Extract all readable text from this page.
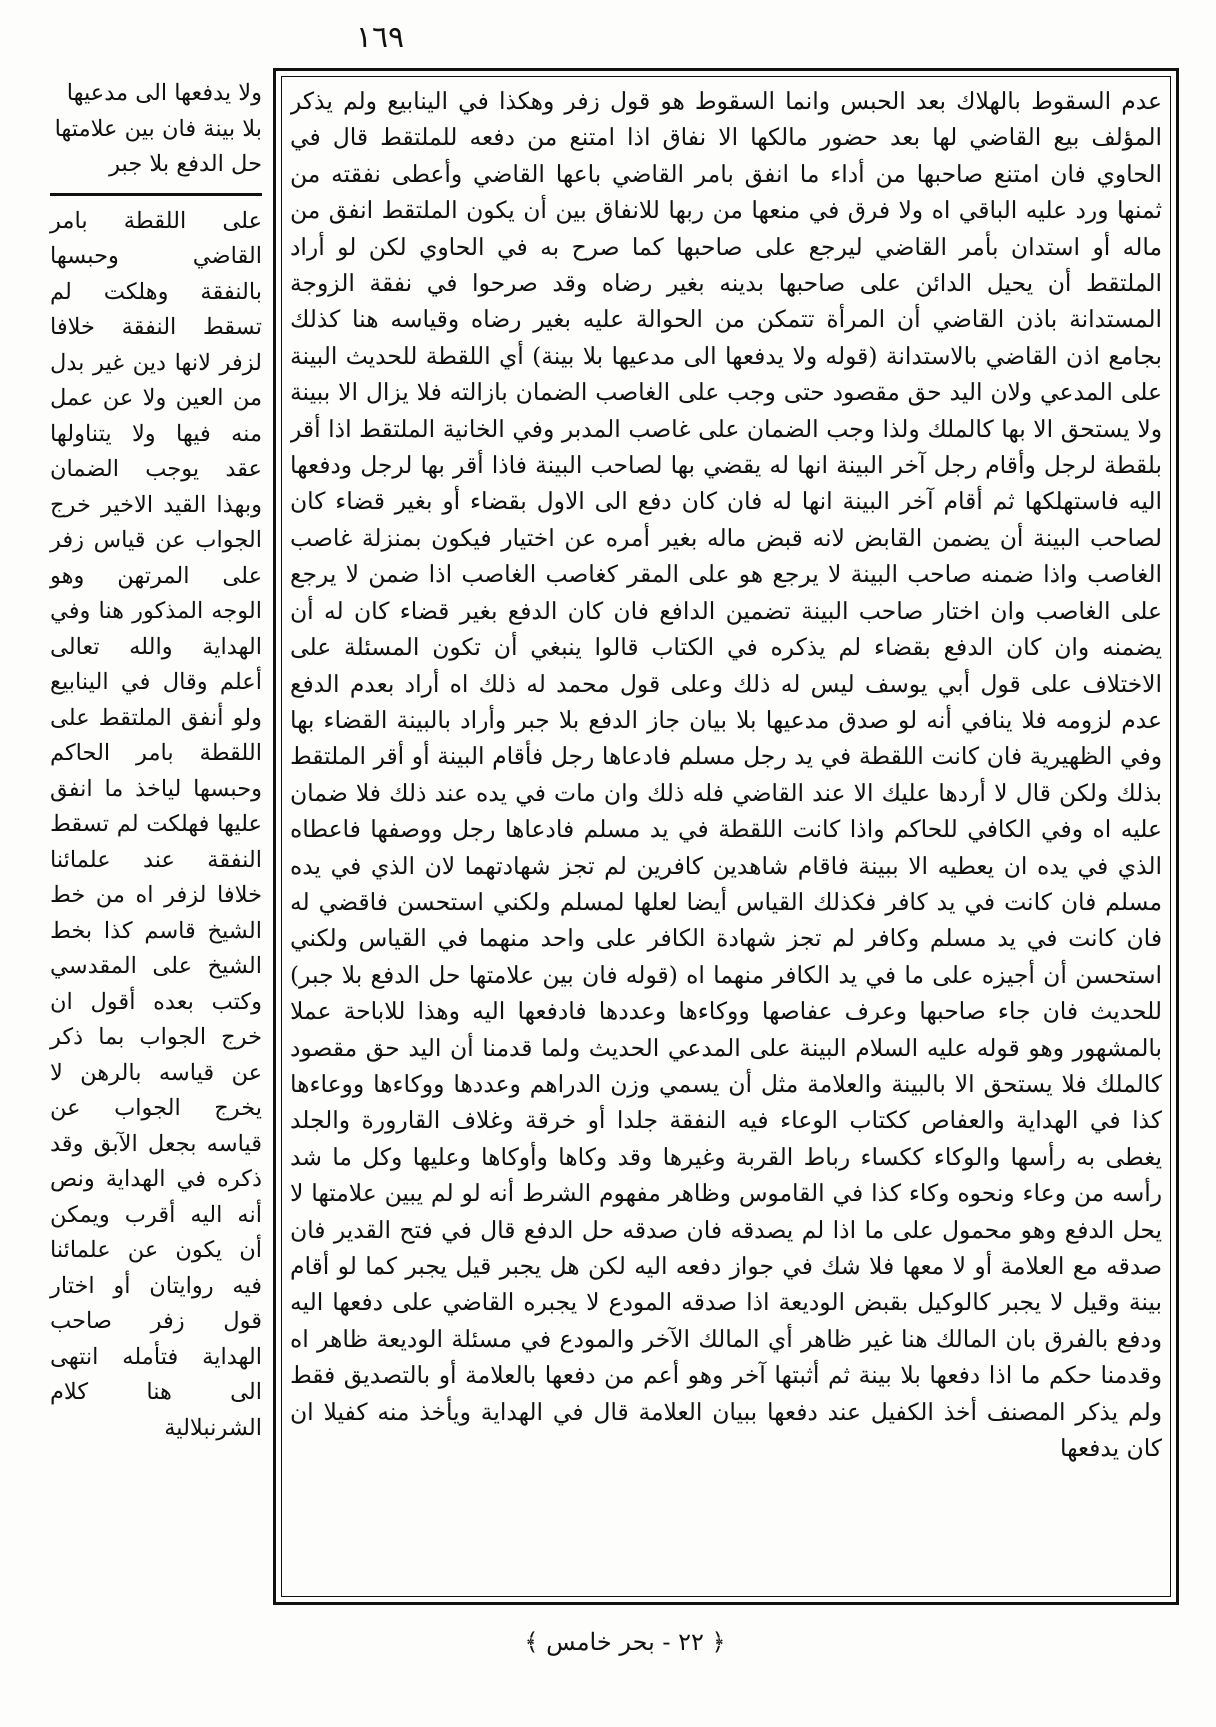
١٦٩

عدم السقوط بالهلاك بعد الحبس وانما السقوط هو قول زفر وهكذا في الينابيع ولم يذكر المؤلف بيع القاضي لها بعد حضور مالكها الا نفاق اذا امتنع من دفعه للملتقط قال في الحاوي فان امتنع صاحبها من أداء ما انفق بامر القاضي باعها القاضي وأعطى نفقته من ثمنها ورد عليه الباقي اه ولا فرق في منعها من ربها للانفاق بين أن يكون الملتقط انفق من ماله أو استدان بأمر القاضي ليرجع على صاحبها كما صرح به في الحاوي لكن لو أراد الملتقط أن يحيل الدائن على صاحبها بدينه بغير رضاه وقد صرحوا في نفقة الزوجة المستدانة باذن القاضي أن المرأة تتمكن من الحوالة عليه بغير رضاه وقياسه هنا كذلك بجامع اذن القاضي بالاستدانة (قوله ولا يدفعها الى مدعيها بلا بينة) أي اللقطة للحديث البينة على المدعي ولان اليد حق مقصود حتى وجب على الغاصب الضمان بازالته فلا يزال الا ببينة ولا يستحق الا بها كالملك ولذا وجب الضمان على غاصب المدبر وفي الخانية الملتقط اذا أقر بلقطة لرجل وأقام رجل آخر البينة انها له يقضي بها لصاحب البينة فاذا أقر بها لرجل ودفعها اليه فاستهلكها ثم أقام آخر البينة انها له فان كان دفع الى الاول بقضاء أو بغير قضاء كان لصاحب البينة أن يضمن القابض لانه قبض ماله بغير أمره عن اختيار فيكون بمنزلة غاصب الغاصب واذا ضمنه صاحب البينة لا يرجع هو على المقر كغاصب الغاصب اذا ضمن لا يرجع على الغاصب وان اختار صاحب البينة تضمين الدافع فان كان الدفع بغير قضاء كان له أن يضمنه وان كان الدفع بقضاء لم يذكره في الكتاب قالوا ينبغي أن تكون المسئلة على الاختلاف على قول أبي يوسف ليس له ذلك وعلى قول محمد له ذلك اه أراد بعدم الدفع عدم لزومه فلا ينافي أنه لو صدق مدعيها بلا بيان جاز الدفع بلا جبر وأراد بالبينة القضاء بها وفي الظهيرية فان كانت اللقطة في يد رجل مسلم فادعاها رجل فأقام البينة أو أقر الملتقط بذلك ولكن قال لا أردها عليك الا عند القاضي فله ذلك وان مات في يده عند ذلك فلا ضمان عليه اه وفي الكافي للحاكم واذا كانت اللقطة في يد مسلم فادعاها رجل ووصفها فاعطاه الذي في يده ان يعطيه الا ببينة فاقام شاهدين كافرين لم تجز شهادتهما لان الذي في يده مسلم فان كانت في يد كافر فكذلك القياس أيضا لعلها لمسلم ولكني استحسن فاقضي له فان كانت في يد مسلم وكافر لم تجز شهادة الكافر على واحد منهما في القياس ولكني استحسن أن أجيزه على ما في يد الكافر منهما اه (قوله فان بين علامتها حل الدفع بلا جبر) للحديث فان جاء صاحبها وعرف عفاصها ووكاءها وعددها فادفعها اليه وهذا للاباحة عملا بالمشهور وهو قوله عليه السلام البينة على المدعي الحديث ولما قدمنا أن اليد حق مقصود كالملك فلا يستحق الا بالبينة والعلامة مثل أن يسمي وزن الدراهم وعددها ووكاءها ووعاءها كذا في الهداية والعفاص ككتاب الوعاء فيه النفقة جلدا أو خرقة وغلاف القارورة والجلد يغطى به رأسها والوكاء ككساء رباط القربة وغيرها وقد وكاها وأوكاها وعليها وكل ما شد رأسه من وعاء ونحوه وكاء كذا في القاموس وظاهر مفهوم الشرط أنه لو لم يبين علامتها لا يحل الدفع وهو محمول على ما اذا لم يصدقه فان صدقه حل الدفع قال في فتح القدير فان صدقه مع العلامة أو لا معها فلا شك في جواز دفعه اليه لكن هل يجبر قيل يجبر كما لو أقام بينة وقيل لا يجبر كالوكيل بقبض الوديعة اذا صدقه المودع لا يجبره القاضي على دفعها اليه ودفع بالفرق بان المالك هنا غير ظاهر أي المالك الآخر والمودع في مسئلة الوديعة ظاهر اه وقدمنا حكم ما اذا دفعها بلا بينة ثم أثبتها آخر وهو أعم من دفعها بالعلامة أو بالتصديق فقط ولم يذكر المصنف أخذ الكفيل عند دفعها ببيان العلامة قال في الهداية ويأخذ منه كفيلا ان كان يدفعها

ولا يدفعها الى مدعيها بلا بينة فان بين علامتها حل الدفع بلا جبر

على اللقطة بامر القاضي وحبسها بالنفقة وهلكت لم تسقط النفقة خلافا لزفر لانها دين غير بدل من العين ولا عن عمل منه فيها ولا يتناولها عقد يوجب الضمان وبهذا القيد الاخير خرج الجواب عن قياس زفر على المرتهن وهو الوجه المذكور هنا وفي الهداية والله تعالى أعلم وقال في الينابيع ولو أنفق الملتقط على اللقطة بامر الحاكم وحبسها لياخذ ما انفق عليها فهلكت لم تسقط النفقة عند علمائنا خلافا لزفر اه من خط الشيخ قاسم كذا بخط الشيخ على المقدسي وكتب بعده أقول ان خرج الجواب بما ذكر عن قياسه بالرهن لا يخرج الجواب عن قياسه بجعل الآبق وقد ذكره في الهداية ونص أنه اليه أقرب ويمكن أن يكون عن علمائنا فيه روايتان أو اختار قول زفر صاحب الهداية فتأمله انتهى الى هنا كلام الشرنبلالية

﴿ ٢٢ - بحر خامس ﴾
